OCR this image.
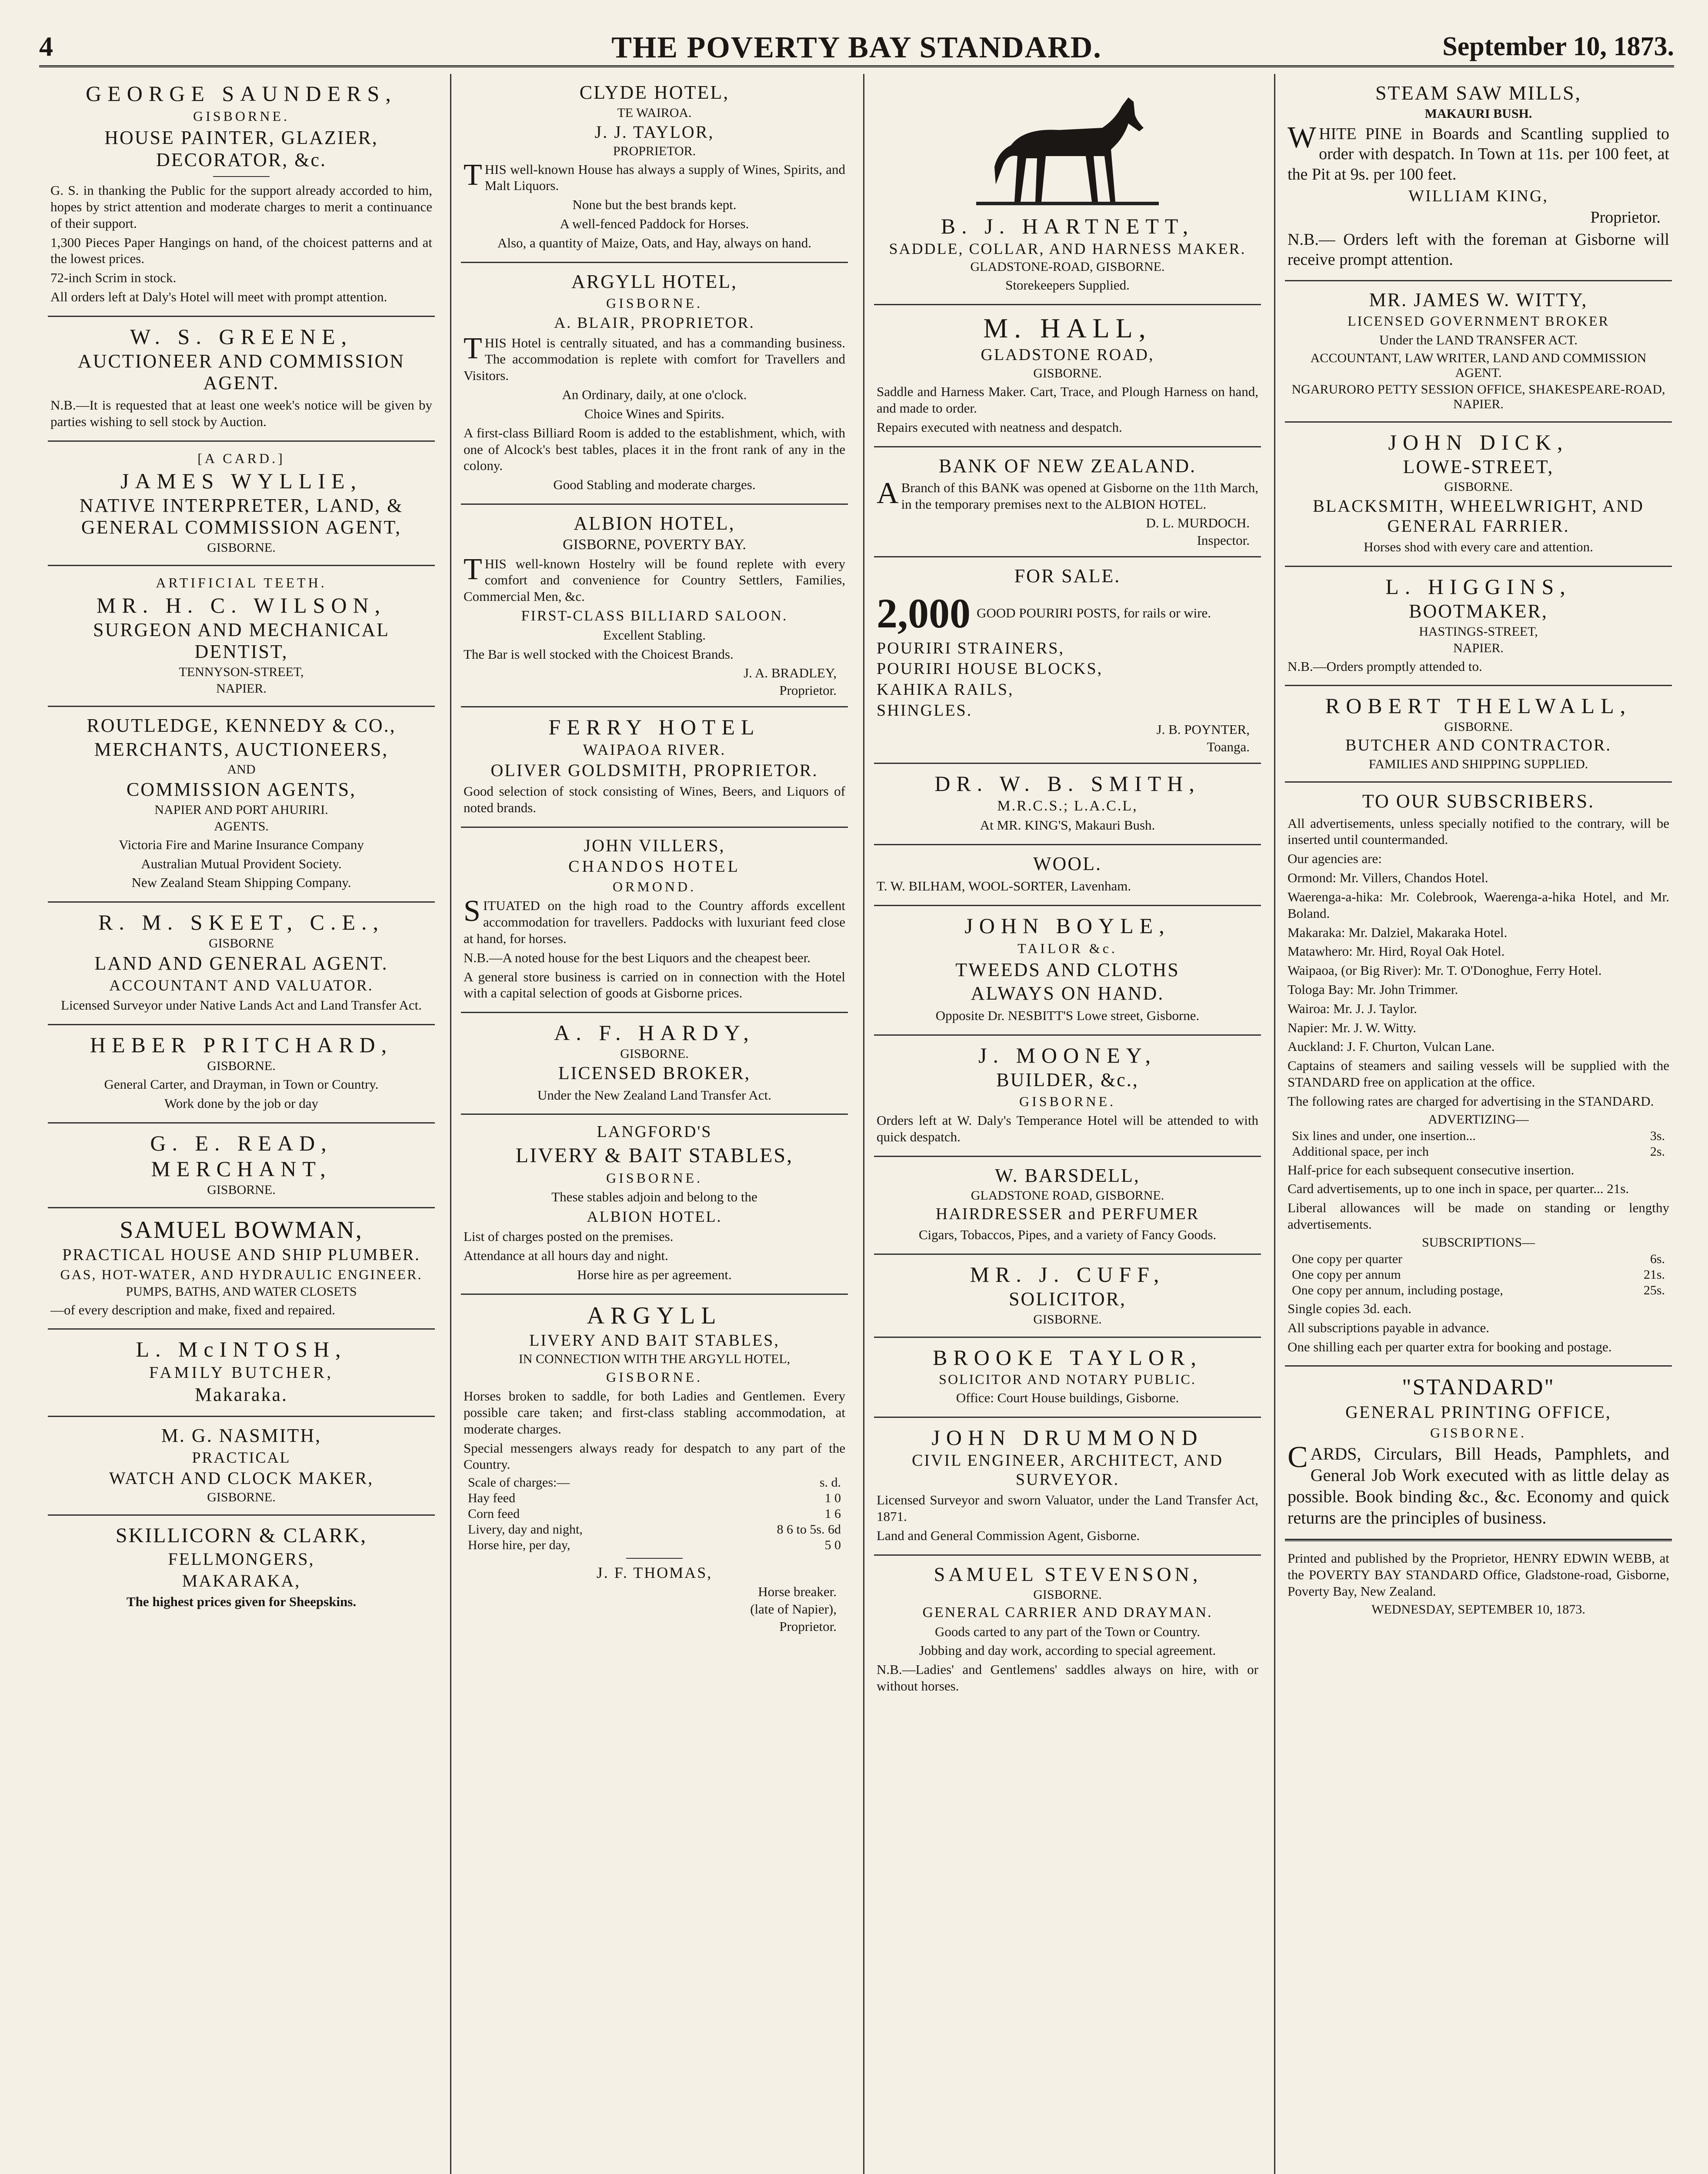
4	THE POVERTY BAY STANDARD.	September 10, 1873.
GEORGE SAUNDERS,
GISBORNE.
HOUSE PAINTER, GLAZIER, DECORATOR, &c.
G. S. in thanking the Public for the support already accorded to him, hopes by strict attention and moderate charges to merit a continuance of their support.
1,300 Pieces Paper Hangings on hand, of the choicest patterns and at the lowest prices.
72-inch Scrim in stock.
All orders left at Daly's Hotel will meet with prompt attention.
W. S. GREENE,
AUCTIONEER AND COMMISSION AGENT.
N.B.—It is requested that at least one week's notice will be given by parties wishing to sell stock by Auction.
[A CARD.]
JAMES WYLLIE,
NATIVE INTERPRETER, LAND, & GENERAL COMMISSION AGENT,
GISBORNE.
ARTIFICIAL TEETH.
MR. H. C. WILSON,
SURGEON AND MECHANICAL DENTIST,
TENNYSON-STREET,
NAPIER.
ROUTLEDGE, KENNEDY & CO.,
MERCHANTS, AUCTIONEERS,
AND
COMMISSION AGENTS,
NAPIER AND PORT AHURIRI.
AGENTS.
Victoria Fire and Marine Insurance Company
Australian Mutual Provident Society.
New Zealand Steam Shipping Company.
R. M. SKEET, C.E.,
GISBORNE
LAND AND GENERAL AGENT.
ACCOUNTANT AND VALUATOR.
Licensed Surveyor under Native Lands Act and Land Transfer Act.
HEBER PRITCHARD,
GISBORNE.
General Carter, and Drayman, in Town or Country.
Work done by the job or day
G. E. READ,
MERCHANT,
GISBORNE.
SAMUEL BOWMAN,
PRACTICAL HOUSE AND SHIP PLUMBER.
GAS, HOT-WATER, AND HYDRAULIC ENGINEER.
PUMPS, BATHS, AND WATER CLOSETS
—of every description and make, fixed and repaired.
L. McINTOSH,
FAMILY BUTCHER,
Makaraka.
M. G. NASMITH,
PRACTICAL
WATCH AND CLOCK MAKER,
GISBORNE.
SKILLICORN & CLARK,
FELLMONGERS,
MAKARAKA,
The highest prices given for Sheepskins.
CLYDE HOTEL,
TE WAIROA.
J. J. TAYLOR,
PROPRIETOR.
THIS well-known House has always a supply of Wines, Spirits, and Malt Liquors.
None but the best brands kept.
A well-fenced Paddock for Horses.
Also, a quantity of Maize, Oats, and Hay, always on hand.
ARGYLL HOTEL,
GISBORNE.
A. BLAIR, PROPRIETOR.
THIS Hotel is centrally situated, and has a commanding business. The accommodation is replete with comfort for Travellers and Visitors.
An Ordinary, daily, at one o'clock.
Choice Wines and Spirits.
A first-class Billiard Room is added to the establishment, which, with one of Alcock's best tables, places it in the front rank of any in the colony.
Good Stabling and moderate charges.
ALBION HOTEL,
GISBORNE, POVERTY BAY.
THIS well-known Hostelry will be found replete with every comfort and convenience for Country Settlers, Families, Commercial Men, &c.
FIRST-CLASS BILLIARD SALOON.
Excellent Stabling.
The Bar is well stocked with the Choicest Brands.
J. A. BRADLEY,
Proprietor.
FERRY HOTEL
WAIPAOA RIVER.
OLIVER GOLDSMITH, PROPRIETOR.
Good selection of stock consisting of Wines, Beers, and Liquors of noted brands.
JOHN VILLERS,
CHANDOS HOTEL
ORMOND.
SITUATED on the high road to the Country affords excellent accommodation for travellers. Paddocks with luxuriant feed close at hand, for horses.
N.B.—A noted house for the best Liquors and the cheapest beer.
A general store business is carried on in connection with the Hotel with a capital selection of goods at Gisborne prices.
A. F. HARDY,
GISBORNE.
LICENSED BROKER,
Under the New Zealand Land Transfer Act.
LANGFORD'S
LIVERY & BAIT STABLES,
GISBORNE.
These stables adjoin and belong to the
ALBION HOTEL.
List of charges posted on the premises.
Attendance at all hours day and night.
Horse hire as per agreement.
ARGYLL
LIVERY AND BAIT STABLES,
IN CONNECTION WITH THE ARGYLL HOTEL,
GISBORNE.
Horses broken to saddle, for both Ladies and Gentlemen. Every possible care taken; and first-class stabling accommodation, at moderate charges.
Special messengers always ready for despatch to any part of the Country.
Scale of charges:—	s. d.
Hay feed	1 0
Corn feed	1 6
Livery, day and night,	8 6 to 5s. 6d
Horse hire, per day,	5 0
J. F. THOMAS,
Horse breaker.
(late of Napier),
Proprietor.
B. J. HARTNETT,
SADDLE, COLLAR, AND HARNESS MAKER.
GLADSTONE-ROAD, GISBORNE.
Storekeepers Supplied.
M. HALL,
GLADSTONE ROAD,
GISBORNE.
Saddle and Harness Maker. Cart, Trace, and Plough Harness on hand, and made to order.
Repairs executed with neatness and despatch.
BANK OF NEW ZEALAND.
ABranch of this BANK was opened at Gisborne on the 11th March, in the temporary premises next to the ALBION HOTEL.
D. L. MURDOCH.
Inspector.
FOR SALE.
2,000 GOOD POURIRI POSTS, for rails or wire.
POURIRI STRAINERS,
POURIRI HOUSE BLOCKS,
KAHIKA RAILS,
SHINGLES.
J. B. POYNTER,
Toanga.
DR. W. B. SMITH,
M.R.C.S.; L.A.C.L,
At MR. KING'S, Makauri Bush.
WOOL.
T. W. BILHAM, WOOL-SORTER, Lavenham.
JOHN BOYLE,
TAILOR &c.
TWEEDS AND CLOTHS
ALWAYS ON HAND.
Opposite Dr. NESBITT'S Lowe street, Gisborne.
J. MOONEY,
BUILDER, &c.,
GISBORNE.
Orders left at W. Daly's Temperance Hotel will be attended to with quick despatch.
W. BARSDELL,
GLADSTONE ROAD, GISBORNE.
HAIRDRESSER and PERFUMER
Cigars, Tobaccos, Pipes, and a variety of Fancy Goods.
MR. J. CUFF,
SOLICITOR,
GISBORNE.
BROOKE TAYLOR,
SOLICITOR AND NOTARY PUBLIC.
Office: Court House buildings, Gisborne.
JOHN DRUMMOND
CIVIL ENGINEER, ARCHITECT, AND SURVEYOR.
Licensed Surveyor and sworn Valuator, under the Land Transfer Act, 1871.
Land and General Commission Agent, Gisborne.
SAMUEL STEVENSON,
GISBORNE.
GENERAL CARRIER AND DRAYMAN.
Goods carted to any part of the Town or Country.
Jobbing and day work, according to special agreement.
N.B.—Ladies' and Gentlemens' saddles always on hire, with or without horses.
STEAM SAW MILLS,
MAKAURI BUSH.
WHITE PINE in Boards and Scantling supplied to order with despatch. In Town at 11s. per 100 feet, at the Pit at 9s. per 100 feet.
WILLIAM KING,
Proprietor.
N.B.— Orders left with the foreman at Gisborne will receive prompt attention.
MR. JAMES W. WITTY,
LICENSED GOVERNMENT BROKER
Under the LAND TRANSFER ACT.
ACCOUNTANT, LAW WRITER, LAND AND COMMISSION AGENT.
NGARURORO PETTY SESSION OFFICE, SHAKESPEARE-ROAD, NAPIER.
JOHN DICK,
LOWE-STREET,
GISBORNE.
BLACKSMITH, WHEELWRIGHT, AND GENERAL FARRIER.
Horses shod with every care and attention.
L. HIGGINS,
BOOTMAKER,
HASTINGS-STREET,
NAPIER.
N.B.—Orders promptly attended to.
ROBERT THELWALL,
GISBORNE.
BUTCHER AND CONTRACTOR.
FAMILIES AND SHIPPING SUPPLIED.
TO OUR SUBSCRIBERS.
All advertisements, unless specially notified to the contrary, will be inserted until countermanded.
Our agencies are:
Ormond: Mr. Villers, Chandos Hotel.
Waerenga-a-hika: Mr. Colebrook, Waerenga-a-hika Hotel, and Mr. Boland.
Makaraka: Mr. Dalziel, Makaraka Hotel.
Matawhero: Mr. Hird, Royal Oak Hotel.
Waipaoa, (or Big River): Mr. T. O'Donoghue, Ferry Hotel.
Tologa Bay: Mr. John Trimmer.
Wairoa: Mr. J. J. Taylor.
Napier: Mr. J. W. Witty.
Auckland: J. F. Churton, Vulcan Lane.
Captains of steamers and sailing vessels will be supplied with the STANDARD free on application at the office.
The following rates are charged for advertising in the STANDARD.
ADVERTIZING—
Six lines and under, one insertion...	3s.
Additional space, per inch	2s.
Half-price for each subsequent consecutive insertion.
Card advertisements, up to one inch in space, per quarter... 21s.
Liberal allowances will be made on standing or lengthy advertisements.
SUBSCRIPTIONS—
One copy per quarter	6s.
One copy per annum	21s.
One copy per annum, including postage,	25s.
Single copies 3d. each.
All subscriptions payable in advance.
One shilling each per quarter extra for booking and postage.
"STANDARD"
GENERAL PRINTING OFFICE,
GISBORNE.
CARDS, Circulars, Bill Heads, Pamphlets, and General Job Work executed with as little delay as possible. Book binding &c., &c. Economy and quick returns are the principles of business.
Printed and published by the Proprietor, HENRY EDWIN WEBB, at the POVERTY BAY STANDARD Office, Gladstone-road, Gisborne, Poverty Bay, New Zealand.
WEDNESDAY, SEPTEMBER 10, 1873.
